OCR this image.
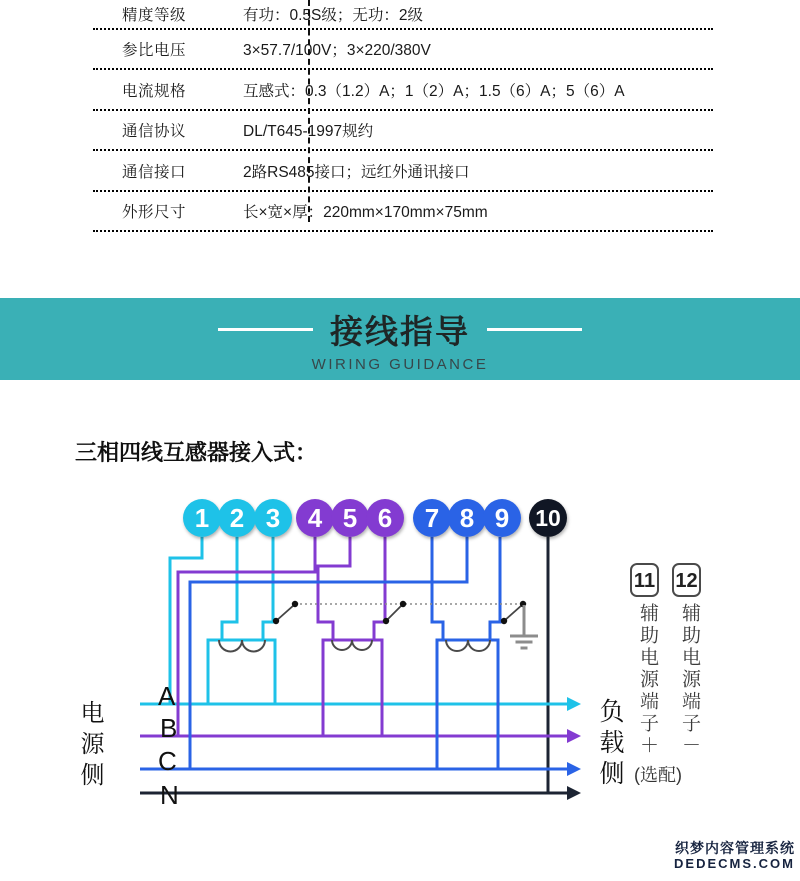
精度等级	有功：0.5S级；无功：2级
参比电压	3×57.7/100V；3×220/380V
电流规格	互感式：0.3（1.2）A；1（2）A；1.5（6）A；5（6）A
通信协议	DL/T645-1997规约
通信接口	2路RS485接口；远红外通讯接口
外形尺寸	长×宽×厚：220mm×170mm×75mm
接线指导
WIRING GUIDANCE
三相四线互感器接入式：
1 2 3 4 5 6 7 8 9 10
11 12
A
B
C
N
电源侧	负载侧 辅助电源端子＋ 辅助电源端子－
(选配)
织梦内容管理系统
DEDECMS.COM
